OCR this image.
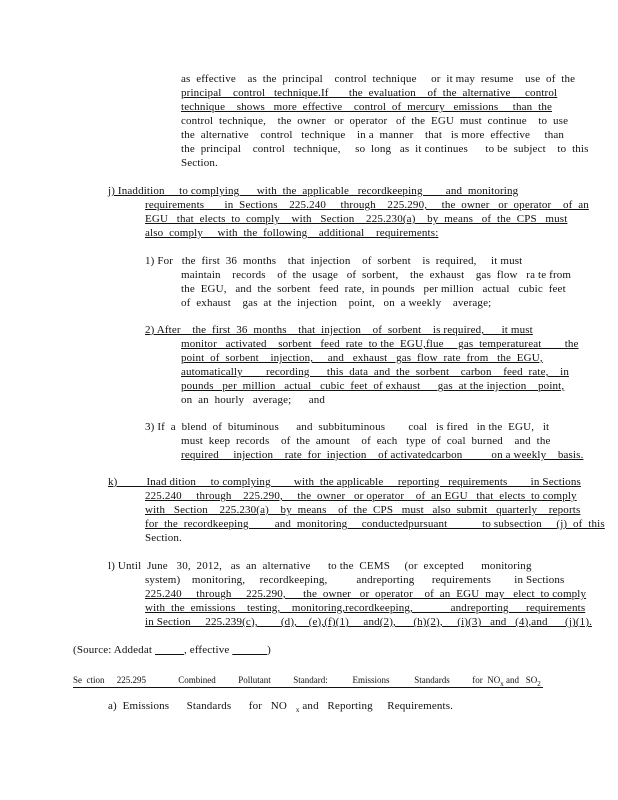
as  effective    as  the  principal    control  technique     or  it may  resume    use  of  the
principal    control   technique.If       the  evaluation    of  the  alternative     control
technique    shows   more  effective    control  of  mercury   emissions     than  the
control  technique,    the  owner   or  operator   of  the  EGU  must  continue    to  use
the  alternative    control   technique    in a  manner    that   is more  effective     than
the  principal    control   technique,     so  long   as  it continues      to be  subject    to  this
Section.
j) Inaddition     to complying      with  the  applicable   recordkeeping        and  monitoring
requirements       in  Sections    225.240     through    225.290,     the  owner   or  operator    of  an
EGU   that  elects  to  comply    with   Section    225.230(a)    by  means   of  the  CPS   must
also  comply     with  the  following    additional    requirements:
1) For   the  first  36  months    that  injection    of  sorbent    is  required,     it must
maintain    records    of  the  usage   of  sorbent,    the  exhaust    gas  flow   ra te from
the  EGU,   and  the  sorbent   feed  rate,  in pounds   per million   actual   cubic  feet
of  exhaust    gas  at  the  injection    point,   on  a weekly    average;
2) After    the  first  36  months    that  injection    of  sorbent    is required,      it must
monitor   activated    sorbent   feed  rate  to the  EGU,flue     gas  temperatureat        the
point  of  sorbent    injection,     and   exhaust   gas  flow  rate  from   the  EGU,
automatically        recording      this  data  and  the  sorbent    carbon    feed  rate,    in
pounds   per  million   actual   cubic  feet  of exhaust      gas  at the injection    point,
on  an  hourly   average;      and
3) If  a  blend  of  bituminous      and  subbituminous        coal   is fired   in the  EGU,   it
must  keep  records    of  the  amount    of  each   type  of  coal  burned    and  the
required     injection    rate  for  injection    of activatedcarbon          on a weekly    basis.
k)          Inad dition     to complying        with  the applicable     reporting   requirements        in Sections
225.240     through    225.290,     the  owner   or operator    of  an EGU   that  elects  to comply
with   Section    225.230(a)    by  means    of  the  CPS   must   also  submit   quarterly    reports
for  the  recordkeeping         and  monitoring     conductedpursuant            to subsection     (j)  of  this
Section.
l) Until  June   30,  2012,   as  an  alternative      to the  CEMS     (or  excepted      monitoring
system)    monitoring,     recordkeeping,          andreporting      requirements        in Sections
225.240     through     225.290,      the  owner   or  operator    of  an  EGU  may   elect  to comply
with  the  emissions    testing,    monitoring,recordkeeping,             andreporting      requirements
in Section     225.239(c),        (d),    (e),(f)(1)     and(2),      (h)(2),     (i)(3)   and   (4),and      (j)(1).
(Source: Addedat	, effective	)
Se  ction 225.295	Combined          Pollutant          Standard:           Emissions           Standards          for  $NO_x$ and   $SO_2$
a)  Emissions      Standards      for   NO $_x$ and   Reporting     Requirements.
